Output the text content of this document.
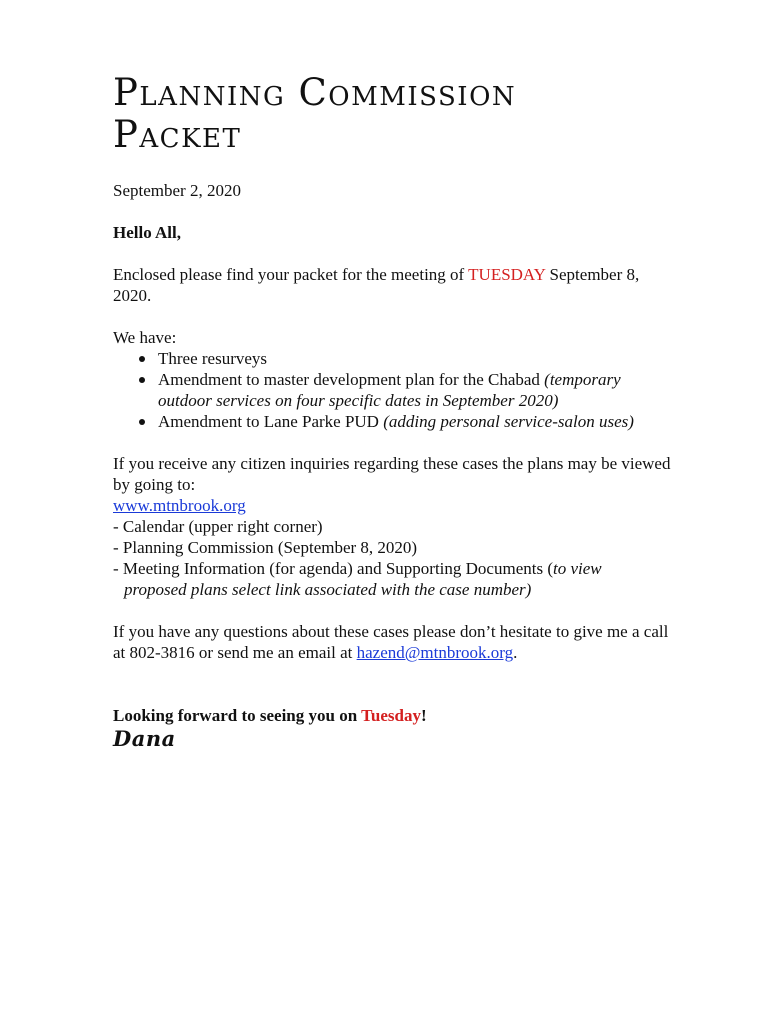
Planning Commission
Packet

September 2, 2020

Hello All,

Enclosed please find your packet for the meeting of TUESDAY September 8, 2020.

We have:

Three resurveys
Amendment to master development plan for the Chabad (temporary outdoor services on four specific dates in September 2020)
Amendment to Lane Parke PUD (adding personal service-salon uses)

If you receive any citizen inquiries regarding these cases the plans may be viewed by going to:

www.mtnbrook.org

- Calendar (upper right corner)

- Planning Commission (September 8, 2020)

- Meeting Information (for agenda) and Supporting Documents (to view

proposed plans select link associated with the case number)

If you have any questions about these cases please don’t hesitate to give me a call at 802-3816 or send me an email at hazend@mtnbrook.org.

Looking forward to seeing you on Tuesday!

Dana
